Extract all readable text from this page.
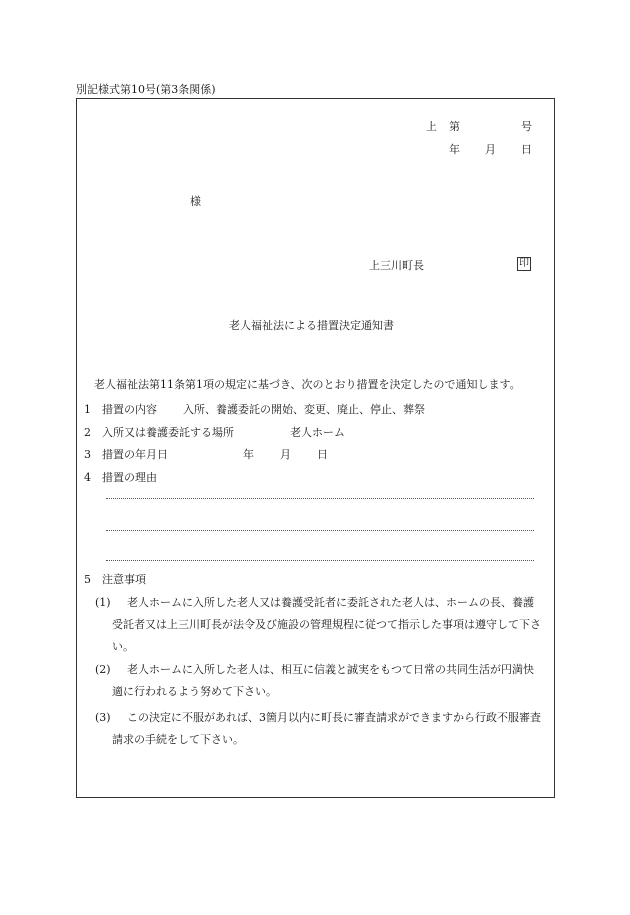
別記様式第10号(第3条関係)
上 第	号
年 月 日
様
上三川町長	印
老人福祉法による措置決定通知書
老人福祉法第11条第1項の規定に基づき、次のとおり措置を決定したので通知します。
1 措置の内容 入所、養護委託の開始、変更、廃止、停止、葬祭
2 入所又は養護委託する場所	老人ホーム
3 措置の年月日	年 月 日
4 措置の理由
5 注意事項
(1)	老人ホームに入所した老人又は養護受託者に委託された老人は、ホームの長、養護受託者又は上三川町長が法令及び施設の管理規程に従つて指示した事項は遵守して下さい。
(2)	老人ホームに入所した老人は、相互に信義と誠実をもつて日常の共同生活が円満快適に行われるよう努めて下さい。
(3)	この決定に不服があれば、3箇月以内に町長に審査請求ができますから行政不服審査請求の手続をして下さい。
